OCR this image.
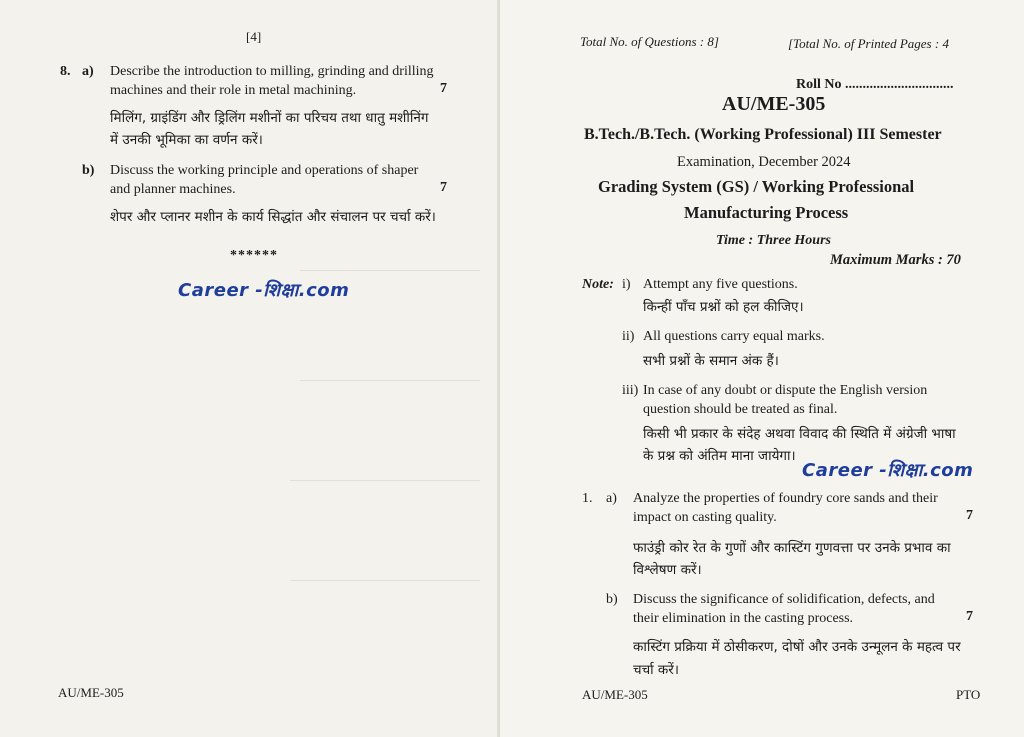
[4]
8. a) Describe the introduction to milling, grinding and drilling
machines and their role in metal machining.	7
मिलिंग, ग्राइंडिंग और ड्रिलिंग मशीनों का परिचय तथा धातु मशीनिंग
में उनकी भूमिका का वर्णन करें।
b) Discuss the working principle and operations of shaper
and planner machines.	7
शेपर और प्लानर मशीन के कार्य सिद्धांत और संचालन पर चर्चा करें।
******
Career -शिक्षा.com
AU/ME-305
Total No. of Questions : 8]	[Total No. of Printed Pages : 4
Roll No ...............................
AU/ME-305
B.Tech./B.Tech. (Working Professional) III Semester
Examination, December 2024
Grading System (GS) / Working Professional
Manufacturing Process
Time : Three Hours
Maximum Marks : 70
Note: i) Attempt any five questions.
किन्हीं पाँच प्रश्नों को हल कीजिए।
ii) All questions carry equal marks.
सभी प्रश्नों के समान अंक हैं।
iii) In case of any doubt or dispute the English version
question should be treated as final.
किसी भी प्रकार के संदेह अथवा विवाद की स्थिति में अंग्रेजी भाषा
के प्रश्न को अंतिम माना जायेगा।
Career -शिक्षा.com
1. a) Analyze the properties of foundry core sands and their
impact on casting quality.	7
फाउंड्री कोर रेत के गुणों और कास्टिंग गुणवत्ता पर उनके प्रभाव का
विश्लेषण करें।
b) Discuss the significance of solidification, defects, and
their elimination in the casting process.	7
कास्टिंग प्रक्रिया में ठोसीकरण, दोषों और उनके उन्मूलन के महत्व पर
चर्चा करें।
AU/ME-305	PTO
